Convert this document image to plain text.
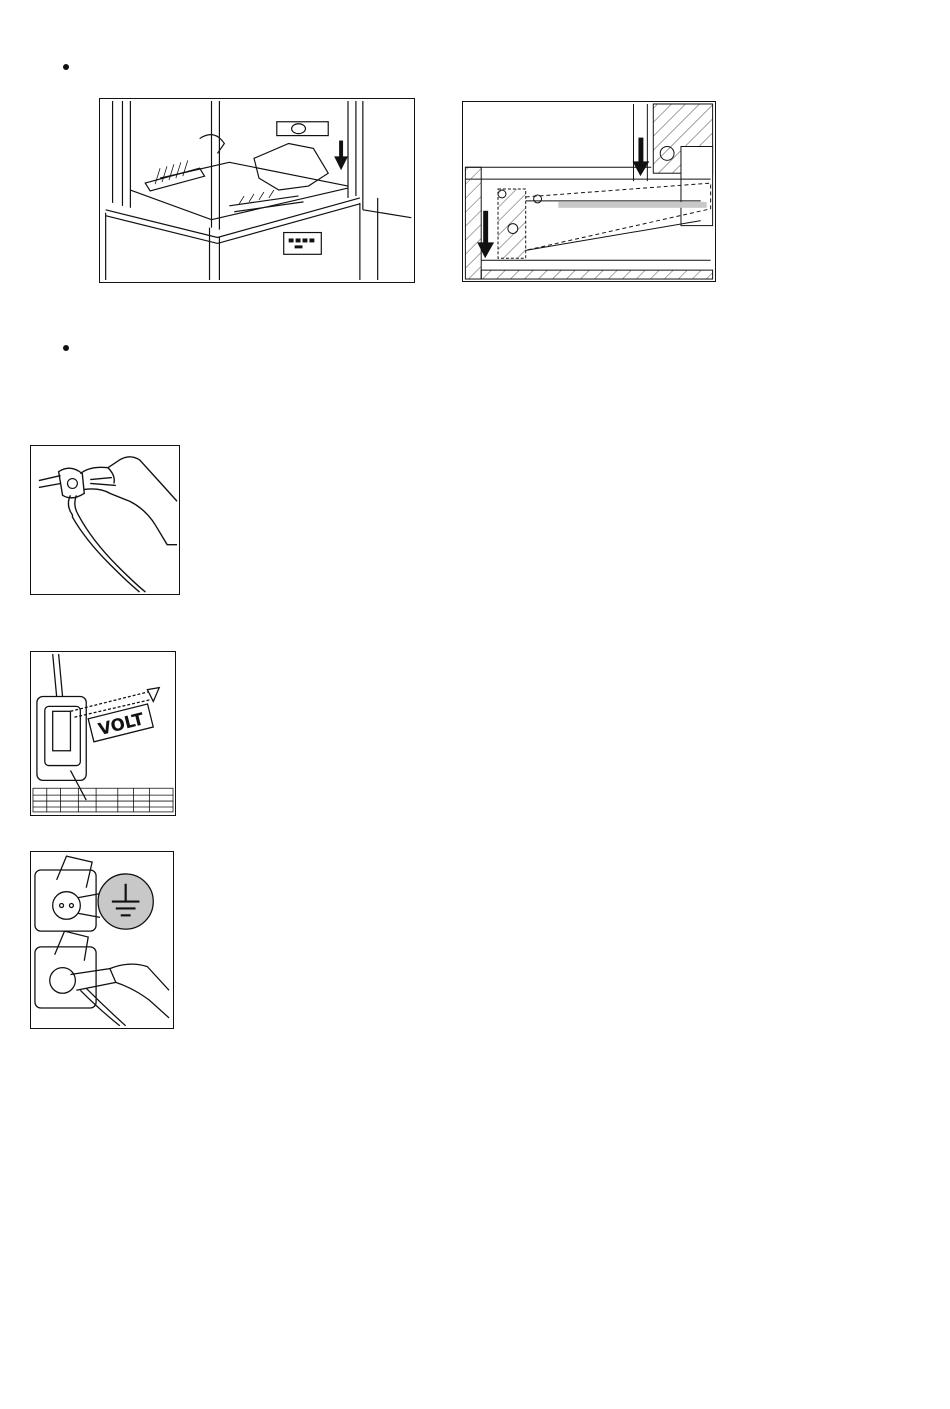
VOLT
